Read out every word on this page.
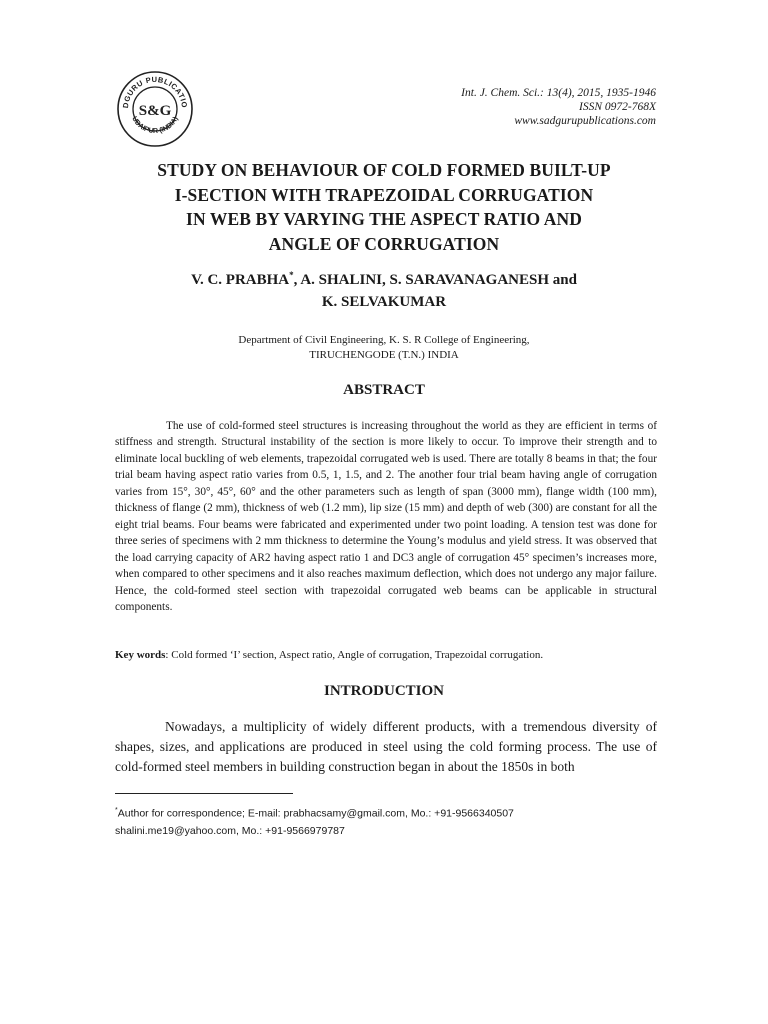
DGURU PUBLICATIO
UDAIPUR (INDIA)
S&G
Int. J. Chem. Sci.: 13(4), 2015, 1935-1946
ISSN 0972-768X
www.sadgurupublications.com
STUDY ON BEHAVIOUR OF COLD FORMED BUILT-UP
I-SECTION WITH TRAPEZOIDAL CORRUGATION
IN WEB BY VARYING THE ASPECT RATIO AND
ANGLE OF CORRUGATION
V. C. PRABHA*, A. SHALINI, S. SARAVANAGANESH and
K. SELVAKUMAR
Department of Civil Engineering, K. S. R College of Engineering,
TIRUCHENGODE (T.N.) INDIA
ABSTRACT

The use of cold-formed steel structures is increasing throughout the world as they are efficient in terms of stiffness and strength. Structural instability of the section is more likely to occur. To improve their strength and to eliminate local buckling of web elements, trapezoidal corrugated web is used. There are totally 8 beams in that; the four trial beam having aspect ratio varies from 0.5, 1, 1.5, and 2. The another four trial beam having angle of corrugation varies from 15°, 30°, 45°, 60° and the other parameters such as length of span (3000 mm), flange width (100 mm), thickness of flange (2 mm), thickness of web (1.2 mm), lip size (15 mm) and depth of web (300) are constant for all the eight trial beams. Four beams were fabricated and experimented under two point loading. A tension test was done for three series of specimens with 2 mm thickness to determine the Young’s modulus and yield stress. It was observed that the load carrying capacity of AR2 having aspect ratio 1 and DC3 angle of corrugation 45° specimen’s increases more, when compared to other specimens and it also reaches maximum deflection, which does not undergo any major failure. Hence, the cold-formed steel section with trapezoidal corrugated web beams can be applicable in structural components.

Key words: Cold formed ‘I’ section, Aspect ratio, Angle of corrugation, Trapezoidal corrugation.
INTRODUCTION

Nowadays, a multiplicity of widely different products, with a tremendous diversity of shapes, sizes, and applications are produced in steel using the cold forming process. The use of cold-formed steel members in building construction began in about the 1850s in both

*Author for correspondence; E-mail: prabhacsamy@gmail.com, Mo.: +91-9566340507
shalini.me19@yahoo.com, Mo.: +91-9566979787
